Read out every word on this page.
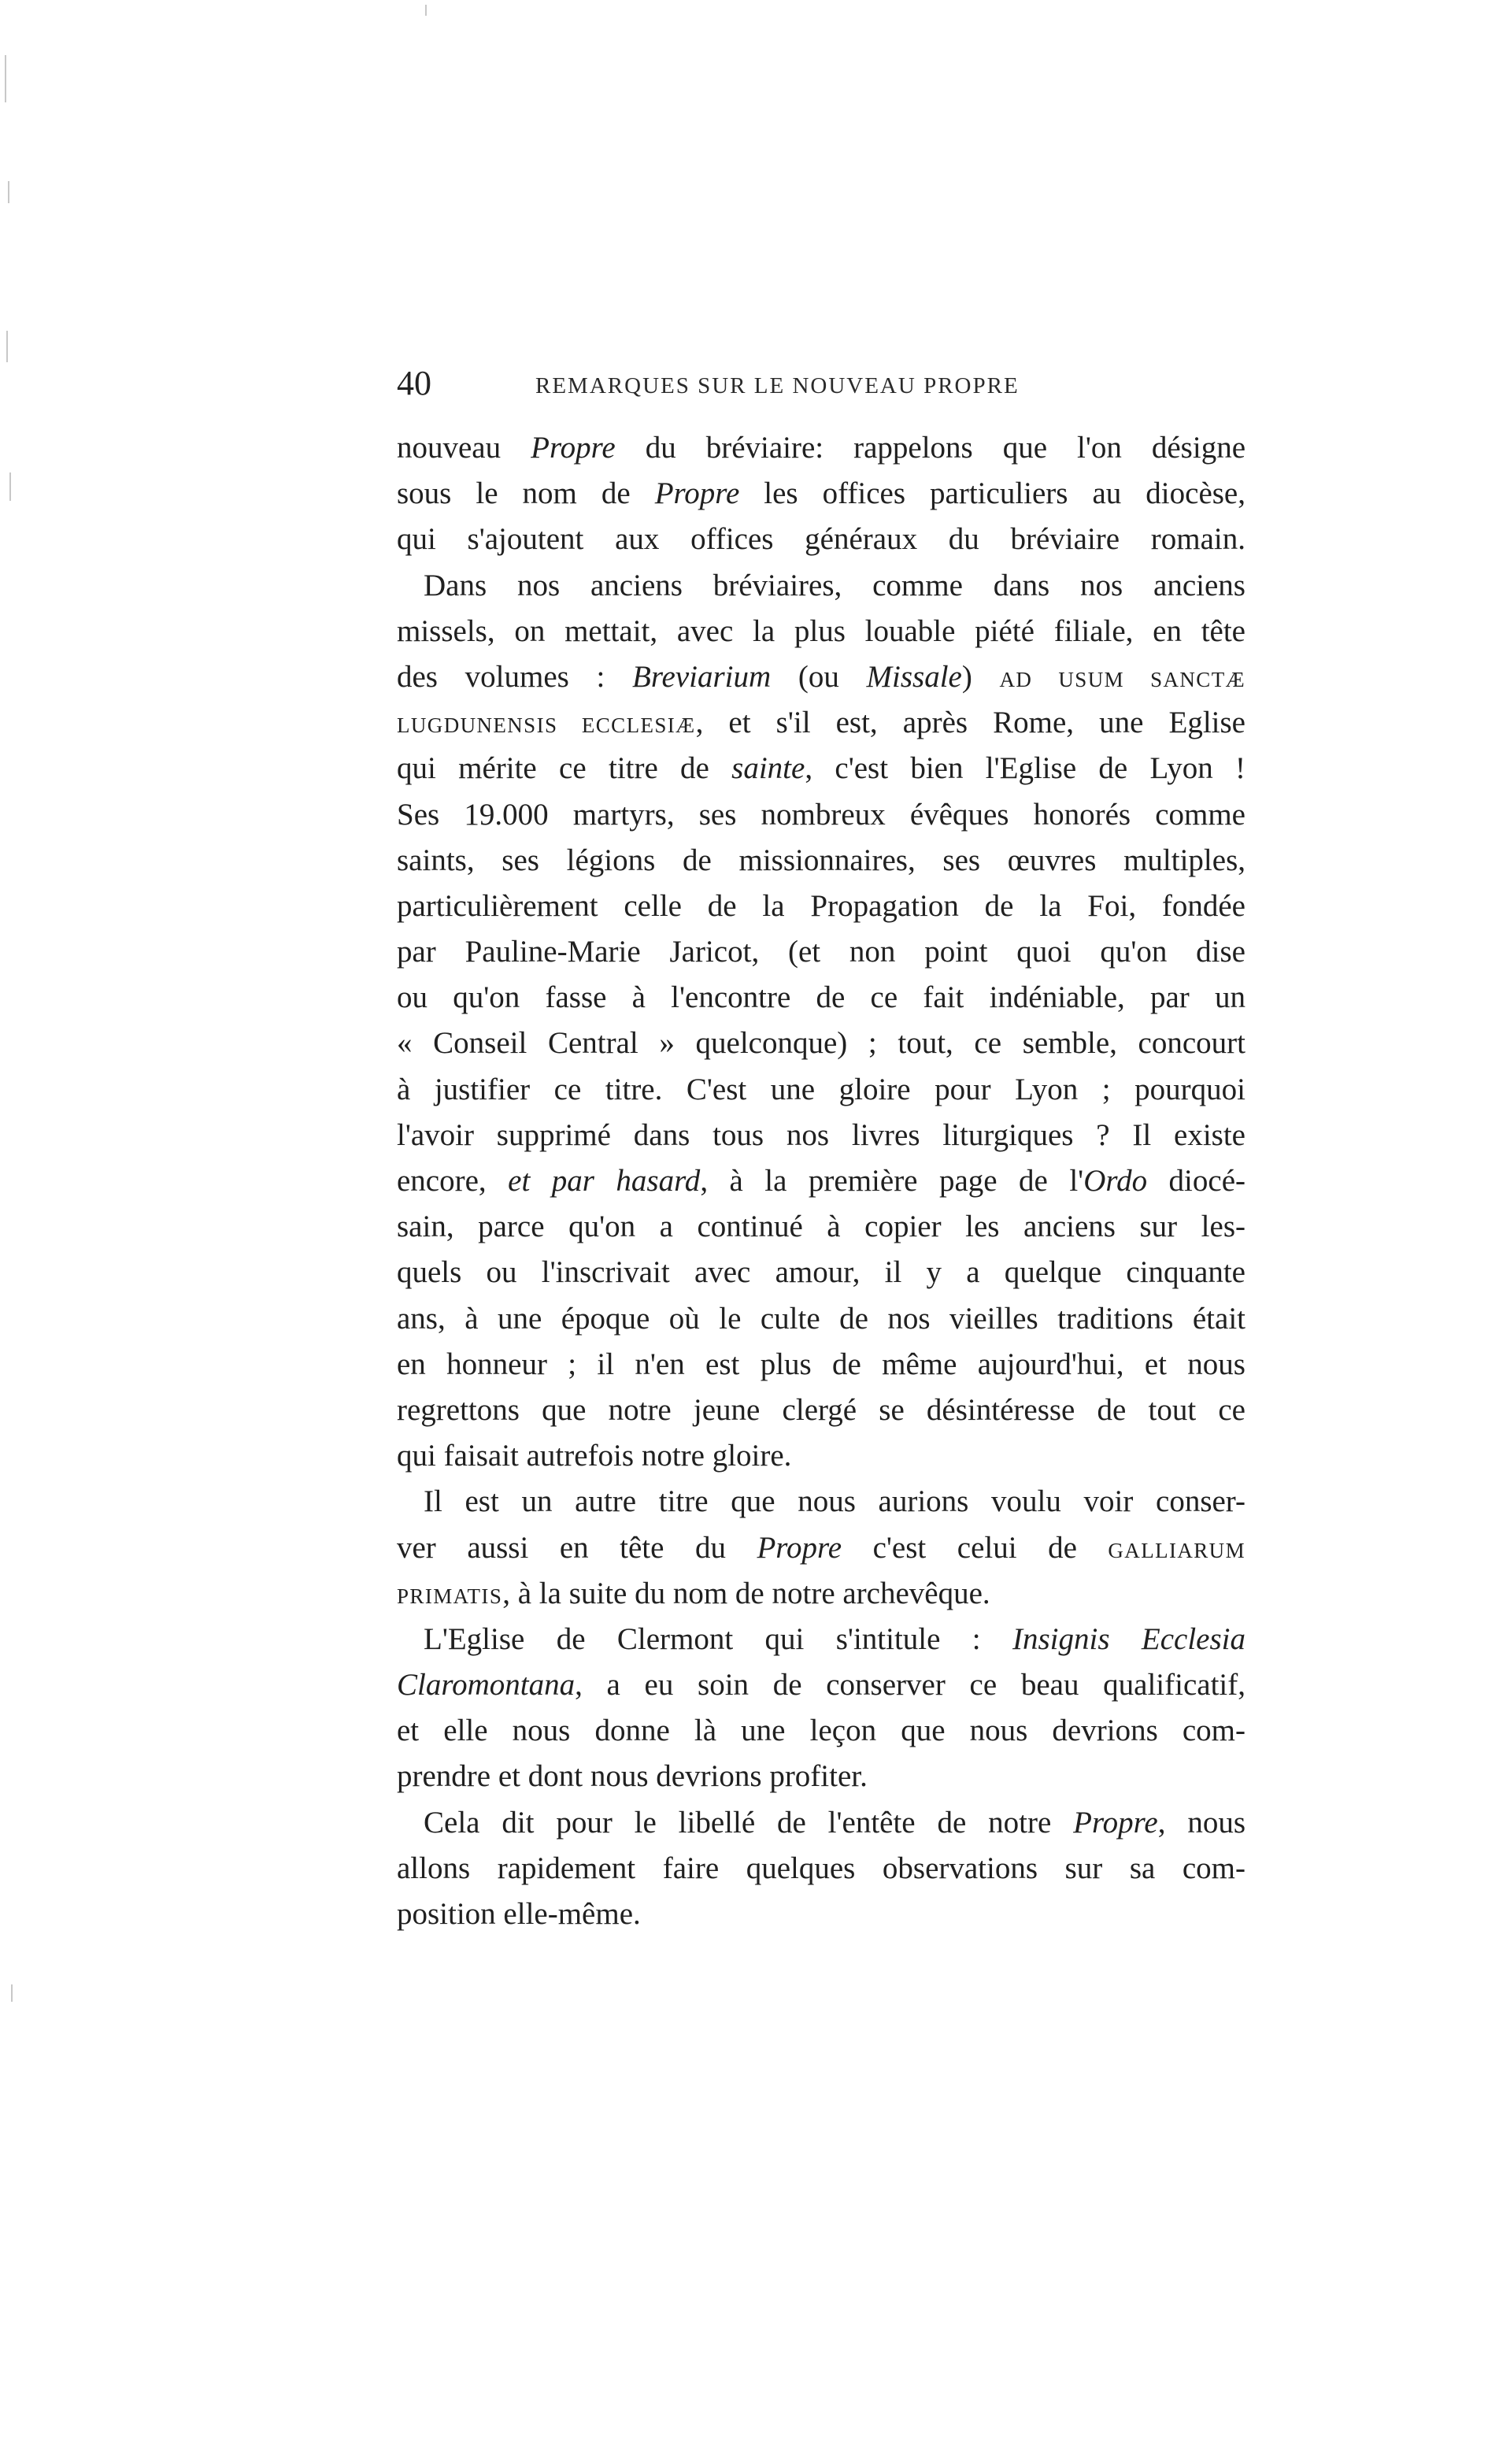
40	REMARQUES SUR LE NOUVEAU PROPRE
nouveau Propre du bréviaire: rappelons que l'on désigne
sous le nom de Propre les offices particuliers au diocèse,
qui s'ajoutent aux offices généraux du bréviaire romain.
Dans nos anciens bréviaires, comme dans nos anciens
missels, on mettait, avec la plus louable piété filiale, en tête
des volumes : Breviarium (ou Missale) AD USUM SANCTÆ
LUGDUNENSIS ECCLESIÆ, et s'il est, après Rome, une Eglise
qui mérite ce titre de sainte, c'est bien l'Eglise de Lyon !
Ses 19.000 martyrs, ses nombreux évêques honorés comme
saints, ses légions de missionnaires, ses œuvres multiples,
particulièrement celle de la Propagation de la Foi, fondée
par Pauline-Marie Jaricot, (et non point quoi qu'on dise
ou qu'on fasse à l'encontre de ce fait indéniable, par un
« Conseil Central » quelconque) ; tout, ce semble, concourt
à justifier ce titre. C'est une gloire pour Lyon ; pourquoi
l'avoir supprimé dans tous nos livres liturgiques ? Il existe
encore, et par hasard, à la première page de l'Ordo diocé-
sain, parce qu'on a continué à copier les anciens sur les-
quels ou l'inscrivait avec amour, il y a quelque cinquante
ans, à une époque où le culte de nos vieilles traditions était
en honneur ; il n'en est plus de même aujourd'hui, et nous
regrettons que notre jeune clergé se désintéresse de tout ce
qui faisait autrefois notre gloire.
Il est un autre titre que nous aurions voulu voir conser-
ver aussi en tête du Propre c'est celui de GALLIARUM
PRIMATIS, à la suite du nom de notre archevêque.
L'Eglise de Clermont qui s'intitule : Insignis Ecclesia
Claromontana, a eu soin de conserver ce beau qualificatif,
et elle nous donne là une leçon que nous devrions com-
prendre et dont nous devrions profiter.
Cela dit pour le libellé de l'entête de notre Propre, nous
allons rapidement faire quelques observations sur sa com-
position elle-même.
